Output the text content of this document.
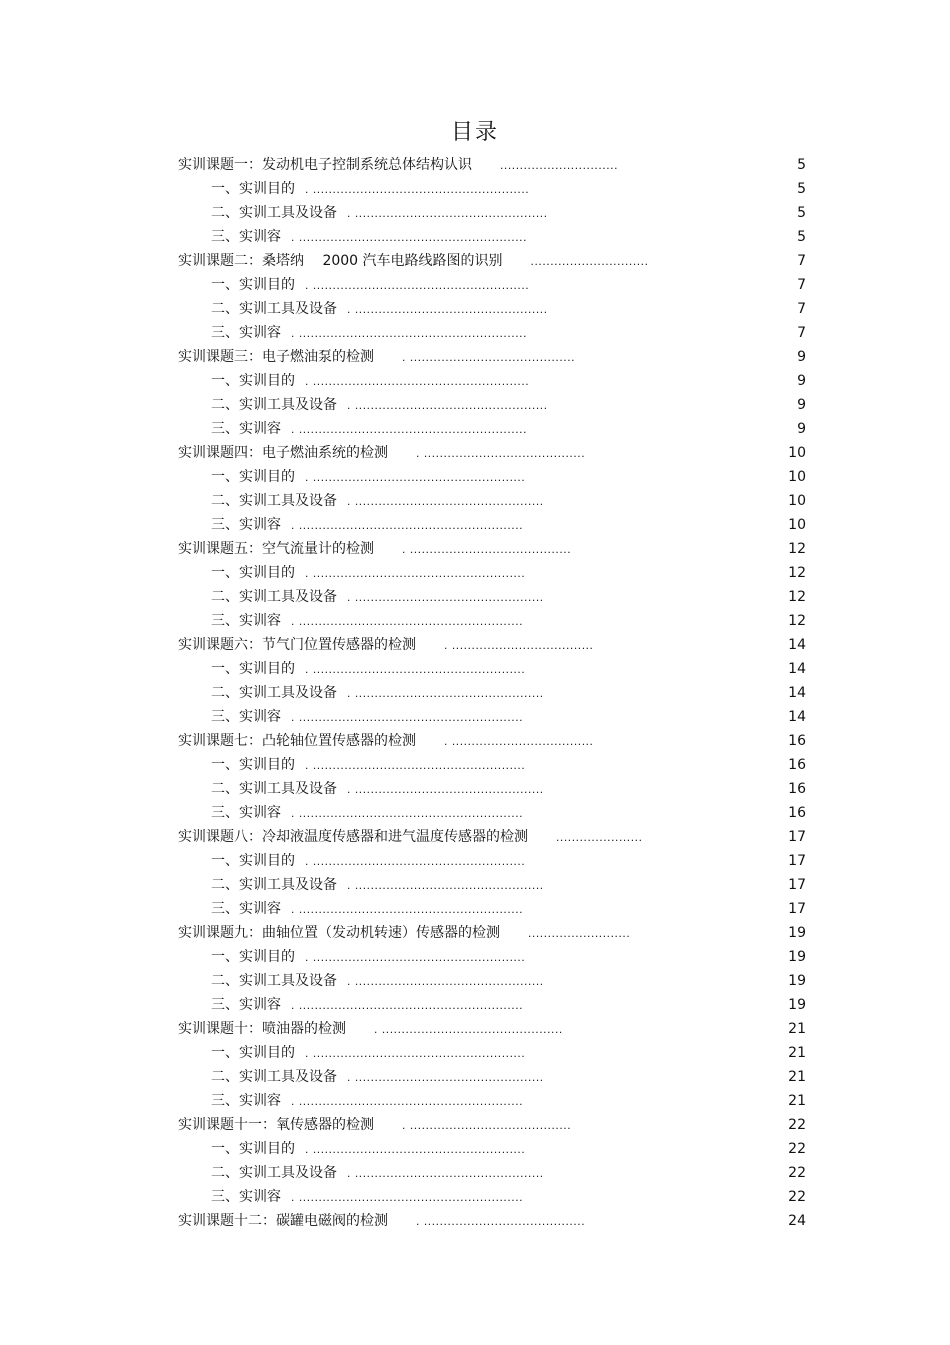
目录
实训课题一：发动机电子控制系统总体结构认识 ..............................	5
一、实训目的 . .......................................................	5
二、实训工具及设备 . .................................................	5
三、实训容 . ..........................................................	5
实训课题二：桑塔纳　 2000 汽车电路线路图的识别 ..............................	7
一、实训目的 . .......................................................	7
二、实训工具及设备 . .................................................	7
三、实训容 . ..........................................................	7
实训课题三：电子燃油泵的检测 . ..........................................	9
一、实训目的 . .......................................................	9
二、实训工具及设备 . .................................................	9
三、实训容 . ..........................................................	9
实训课题四：电子燃油系统的检测 . .........................................	10
一、实训目的 . ......................................................	10
二、实训工具及设备 . ................................................	10
三、实训容 . .........................................................	10
实训课题五：空气流量计的检测 . .........................................	12
一、实训目的 . ......................................................	12
二、实训工具及设备 . ................................................	12
三、实训容 . .........................................................	12
实训课题六：节气门位置传感器的检测 . ....................................	14
一、实训目的 . ......................................................	14
二、实训工具及设备 . ................................................	14
三、实训容 . .........................................................	14
实训课题七：凸轮轴位置传感器的检测 . ....................................	16
一、实训目的 . ......................................................	16
二、实训工具及设备 . ................................................	16
三、实训容 . .........................................................	16
实训课题八：冷却液温度传感器和进气温度传感器的检测 ......................	17
一、实训目的 . ......................................................	17
二、实训工具及设备 . ................................................	17
三、实训容 . .........................................................	17
实训课题九：曲轴位置（发动机转速）传感器的检测 ..........................	19
一、实训目的 . ......................................................	19
二、实训工具及设备 . ................................................	19
三、实训容 . .........................................................	19
实训课题十：喷油器的检测 . ..............................................	21
一、实训目的 . ......................................................	21
二、实训工具及设备 . ................................................	21
三、实训容 . .........................................................	21
实训课题十一：氧传感器的检测 . .........................................	22
一、实训目的 . ......................................................	22
二、实训工具及设备 . ................................................	22
三、实训容 . .........................................................	22
实训课题十二：碳罐电磁阀的检测 . .........................................	24
